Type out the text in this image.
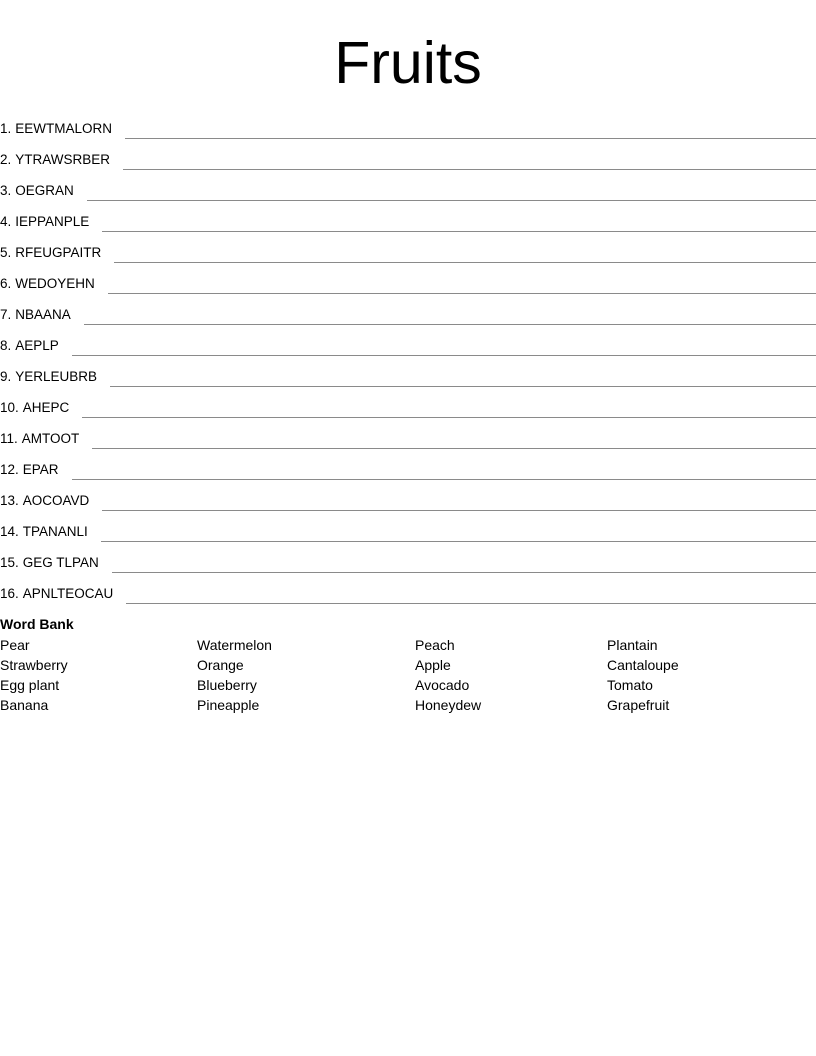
Fruits
1. EEWTMALORN
2. YTRAWSRBER
3. OEGRAN
4. IEPPANPLE
5. RFEUGPAITR
6. WEDOYEHN
7. NBAANA
8. AEPLP
9. YERLEUBRB
10. AHEPC
11. AMTOOT
12. EPAR
13. AOCOAVD
14. TPANANLI
15. GEG TLPAN
16. APNLTEOCAU
Word Bank
Pear
Strawberry
Egg plant
Banana
Watermelon
Orange
Blueberry
Pineapple
Peach
Apple
Avocado
Honeydew
Plantain
Cantaloupe
Tomato
Grapefruit
